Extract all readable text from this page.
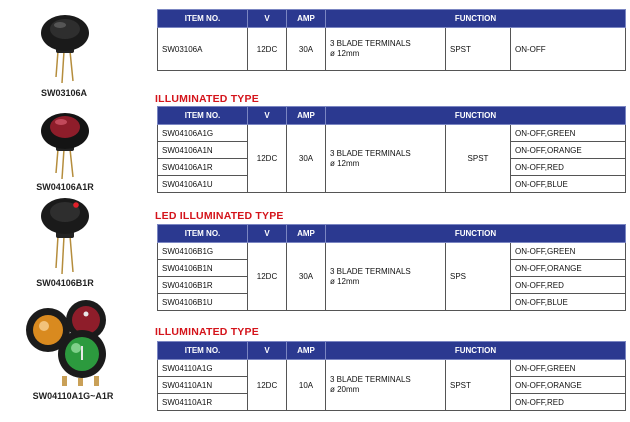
SW03106A
SW04106A1R
SW04106B1R
SW04110A1G~A1R
ILLUMINATED TYPE
LED ILLUMINATED TYPE
ILLUMINATED TYPE
ITEM NO.	V	AMP	FUNCTION		
SW03106A	12DC	30A	3 BLADE TERMINALS
ø 12mm	SPST	ON-OFF
ITEM NO.	V	AMP	FUNCTION		
SW04106A1G	12DC	30A	3 BLADE TERMINALS
ø 12mm	SPST	ON-OFF,GREEN
SW04106A1N					ON-OFF,ORANGE
SW04106A1R					ON-OFF,RED
SW04106A1U					ON-OFF,BLUE
ITEM NO.	V	AMP	FUNCTION		
SW04106B1G	12DC	30A	3 BLADE TERMINALS
ø 12mm	SPS	ON-OFF,GREEN
SW04106B1N					ON-OFF,ORANGE
SW04106B1R					ON-OFF,RED
SW04106B1U					ON-OFF,BLUE
ITEM NO.	V	AMP	FUNCTION		
SW04110A1G	12DC	10A	3 BLADE TERMINALS
ø 20mm	SPST	ON-OFF,GREEN
SW04110A1N					ON-OFF,ORANGE
SW04110A1R					ON-OFF,RED
